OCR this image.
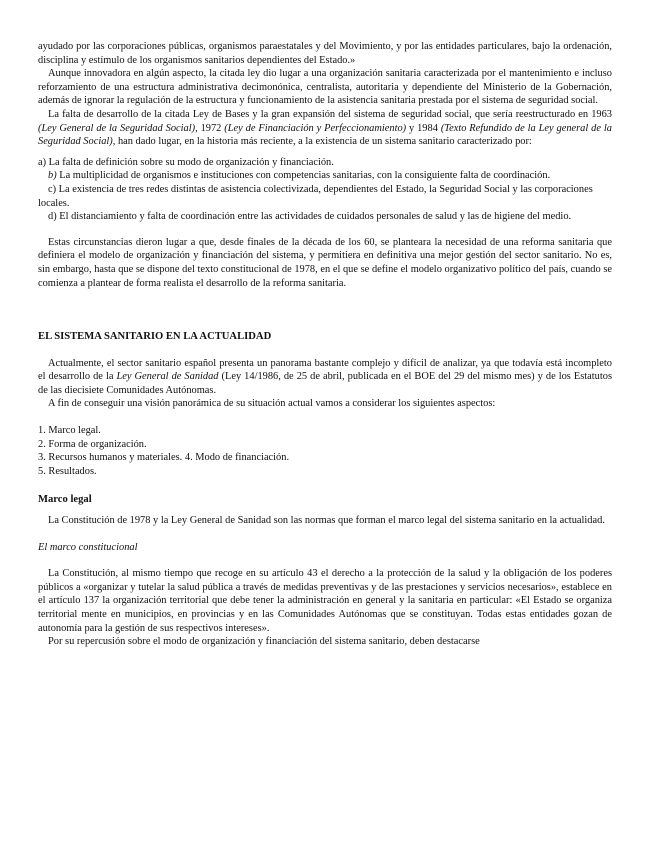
ayudado por las corporaciones públicas, organismos paraestatales y del Movimiento, y por las entidades particulares, bajo la ordenación, disciplina y estímulo de los organismos sanitarios dependientes del Estado.»

Aunque innovadora en algún aspecto, la citada ley dio lugar a una organización sanitaria caracterizada por el mantenimiento e incluso reforzamiento de una estructura administrativa decimonónica, centralista, autoritaria y dependiente del Ministerio de la Gobernación, además de ignorar la regulación de la estructura y funcionamiento de la asistencia sanitaria prestada por el sistema de seguridad social.

La falta de desarrollo de la citada Ley de Bases y la gran expansión del sistema de seguridad social, que sería reestructurado en 1963 (Ley General de la Seguridad Social), 1972 (Ley de Financiación y Perfeccionamiento) y 1984 (Texto Refundido de la Ley general de la Seguridad Social), han dado lugar, en la historia más reciente, a la existencia de un sistema sanitario caracterizado por:

a) La falta de definición sobre su modo de organización y financiación.

b) La multiplicidad de organismos e instituciones con competencias sanitarias, con la consiguiente falta de coordinación.

c) La existencia de tres redes distintas de asistencia colectivizada, dependientes del Estado, la Seguridad Social y las corporaciones locales.

d) El distanciamiento y falta de coordinación entre las actividades de cuidados personales de salud y las de higiene del medio.

Estas circunstancias dieron lugar a que, desde finales de la década de los 60, se planteara la necesidad de una reforma sanitaria que definiera el modelo de organización y financiación del sistema, y permitiera en definitiva una mejor gestión del sector sanitario. No es, sin embargo, hasta que se dispone del texto constitucional de 1978, en el que se define el modelo organizativo político del país, cuando se comienza a plantear de forma realista el desarrollo de la reforma sanitaria.

EL SISTEMA SANITARIO EN LA ACTUALIDAD

Actualmente, el sector sanitario español presenta un panorama bastante complejo y difícil de analizar, ya que todavía está incompleto el desarrollo de la Ley General de Sanidad (Ley 14/1986, de 25 de abril, publicada en el BOE del 29 del mismo mes) y de los Estatutos de las diecisiete Comunidades Autónomas.

A fin de conseguir una visión panorámica de su situación actual vamos a considerar los siguientes aspectos:

1. Marco legal.

2. Forma de organización.

3. Recursos humanos y materiales. 4. Modo de financiación.

5. Resultados.

Marco legal

La Constitución de 1978 y la Ley General de Sanidad son las normas que forman el marco legal del sistema sanitario en la actualidad.

El marco constitucional

La Constitución, al mismo tiempo que recoge en su artículo 43 el derecho a la protección de la salud y la obligación de los poderes públicos a «organizar y tutelar la salud pública a través de medidas preventivas y de las prestaciones y servicios necesarios», establece en el artículo 137 la organización territorial que debe tener la administración en general y la sanitaria en particular: «El Estado se organiza territorial mente en municipios, en provincias y en las Comunidades Autónomas que se constituyan. Todas estas entidades gozan de autonomía para la gestión de sus respectivos intereses».

Por su repercusión sobre el modo de organización y financiación del sistema sanitario, deben destacarse
